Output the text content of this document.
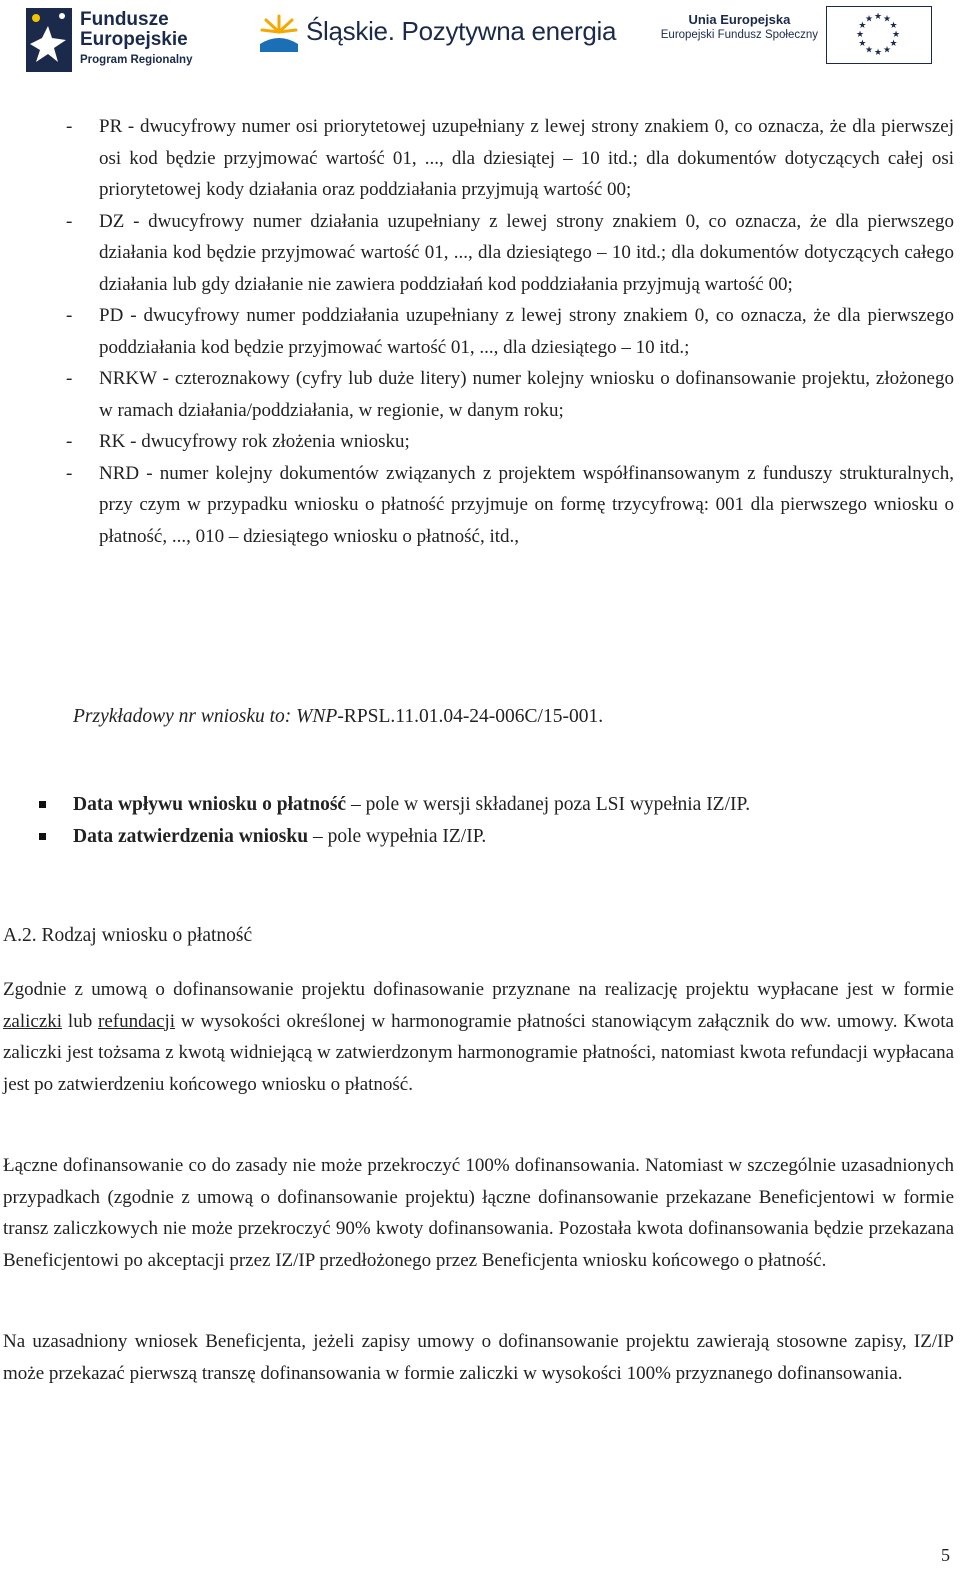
Fundusze
Europejskie
Program Regionalny
Śląskie. Pozytywna energia	Unia Europejska
Europejski Fundusz Społeczny	★
★
★
★
★
★
★
★
★ ★ ★
★
- PR - dwucyfrowy numer osi priorytetowej uzupełniany z lewej strony znakiem 0, co oznacza, że dla pierwszej osi kod będzie przyjmować wartość 01, ..., dla dziesiątej – 10 itd.; dla dokumentów dotyczących całej osi priorytetowej kody działania oraz poddziałania przyjmują wartość 00;
- DZ - dwucyfrowy numer działania uzupełniany z lewej strony znakiem 0, co oznacza, że dla pierwszego działania kod będzie przyjmować wartość 01, ..., dla dziesiątego – 10 itd.; dla dokumentów dotyczących całego działania lub gdy działanie nie zawiera poddziałań kod poddziałania przyjmują wartość 00;
- PD - dwucyfrowy numer poddziałania uzupełniany z lewej strony znakiem 0, co oznacza, że dla pierwszego poddziałania kod będzie przyjmować wartość 01, ..., dla dziesiątego – 10 itd.;
- NRKW - czteroznakowy (cyfry lub duże litery) numer kolejny wniosku o dofinansowanie projektu, złożonego w ramach działania/poddziałania, w regionie, w danym roku;
- RK - dwucyfrowy rok złożenia wniosku;
- NRD - numer kolejny dokumentów związanych z projektem współfinansowanym z funduszy strukturalnych, przy czym w przypadku wniosku o płatność przyjmuje on formę trzycyfrową: 001 dla pierwszego wniosku o płatność, ..., 010 – dziesiątego wniosku o płatność, itd.,
Przykładowy nr wniosku to: WNP-RPSL.11.01.04-24-006C/15-001.
Data wpływu wniosku o płatność – pole w wersji składanej poza LSI wypełnia IZ/IP.
Data zatwierdzenia wniosku – pole wypełnia IZ/IP.
A.2. Rodzaj wniosku o płatność

Zgodnie z umową o dofinansowanie projektu dofinasowanie przyznane na realizację projektu wypłacane jest w formie zaliczki lub refundacji w wysokości określonej w harmonogramie płatności stanowiącym załącznik do ww. umowy. Kwota zaliczki jest tożsama z kwotą widniejącą w zatwierdzonym harmonogramie płatności, natomiast kwota refundacji wypłacana jest po zatwierdzeniu końcowego wniosku o płatność.

Łączne dofinansowanie co do zasady nie może przekroczyć 100% dofinansowania. Natomiast w szczególnie uzasadnionych przypadkach (zgodnie z umową o dofinansowanie projektu) łączne dofinansowanie przekazane Beneficjentowi w formie transz zaliczkowych nie może przekroczyć 90% kwoty dofinansowania. Pozostała kwota dofinansowania będzie przekazana Beneficjentowi po akceptacji przez IZ/IP przedłożonego przez Beneficjenta wniosku końcowego o płatność.

Na uzasadniony wniosek Beneficjenta, jeżeli zapisy umowy o dofinansowanie projektu zawierają stosowne zapisy, IZ/IP może przekazać pierwszą transzę dofinansowania w formie zaliczki w wysokości 100% przyznanego dofinansowania.

5
